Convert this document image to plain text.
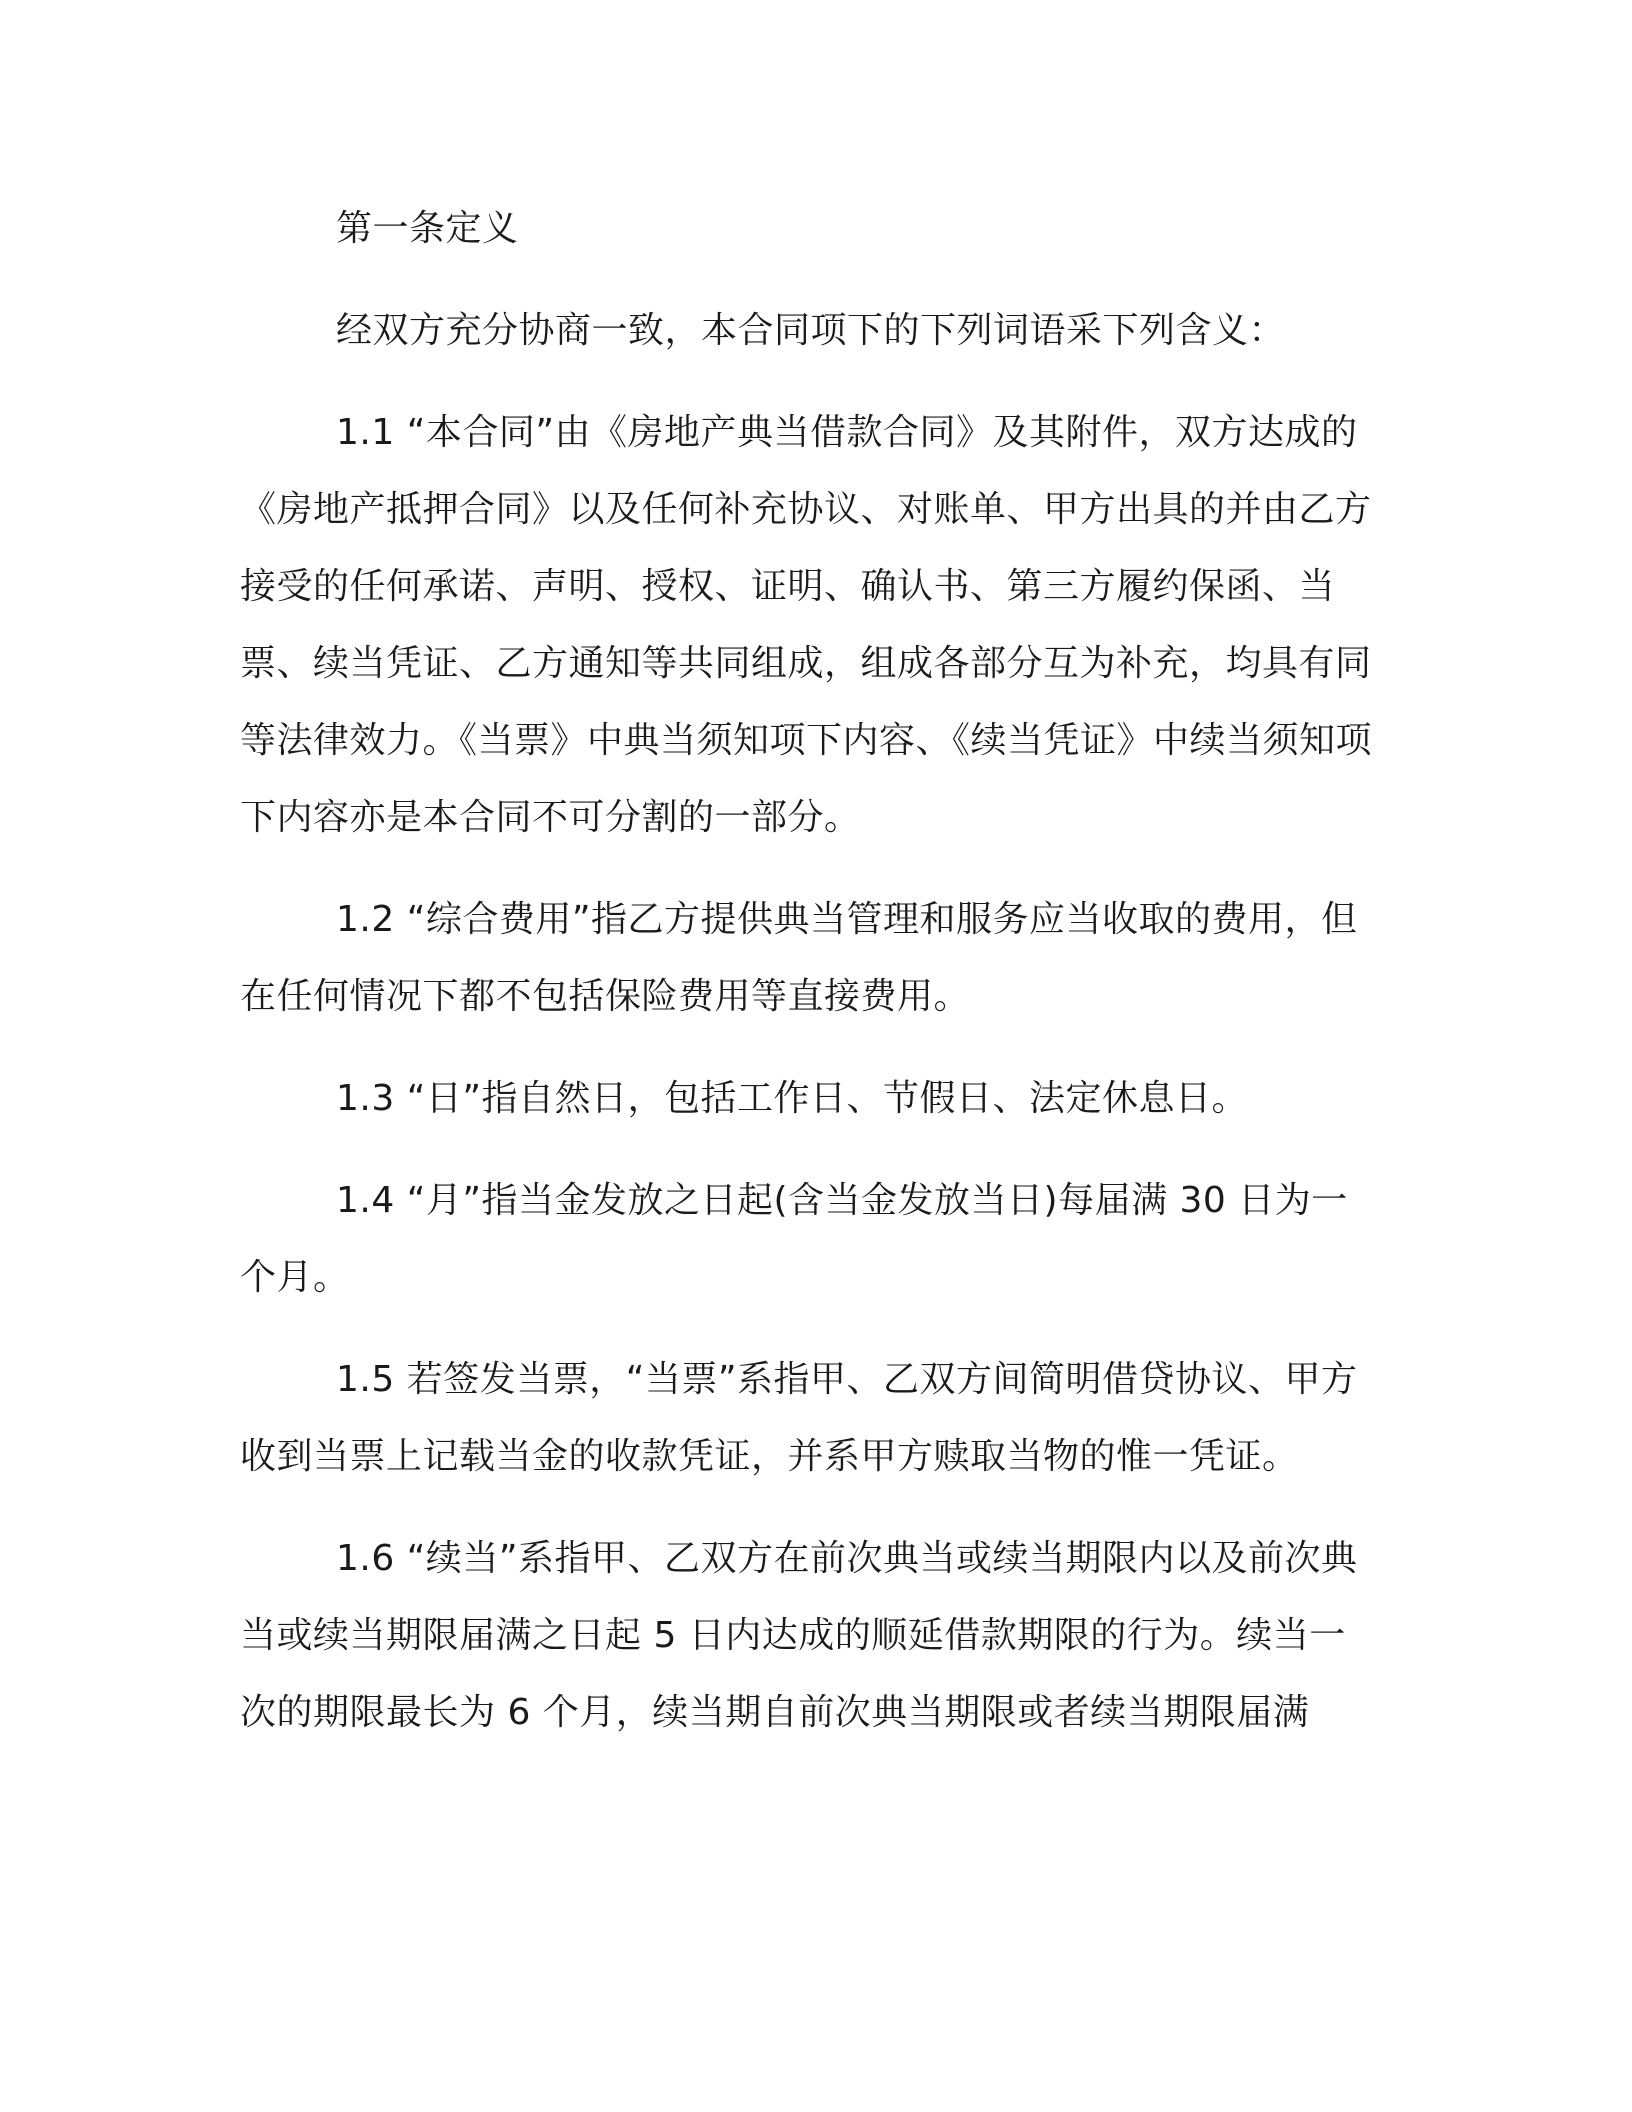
第一条定义

经双方充分协商一致，本合同项下的下列词语采下列含义：

1.1 “本合同”由《房地产典当借款合同》及其附件，双方达成的《房地产抵押合同》以及任何补充协议、对账单、甲方出具的并由乙方接受的任何承诺、声明、授权、证明、确认书、第三方履约保函、当票、续当凭证、乙方通知等共同组成，组成各部分互为补充，均具有同等法律效力。《当票》中典当须知项下内容、《续当凭证》中续当须知项下内容亦是本合同不可分割的一部分。

1.2 “综合费用”指乙方提供典当管理和服务应当收取的费用，但在任何情况下都不包括保险费用等直接费用。

1.3 “日”指自然日，包括工作日、节假日、法定休息日。

1.4 “月”指当金发放之日起(含当金发放当日)每届满 30 日为一个月。

1.5 若签发当票，“当票”系指甲、乙双方间简明借贷协议、甲方收到当票上记载当金的收款凭证，并系甲方赎取当物的惟一凭证。

1.6 “续当”系指甲、乙双方在前次典当或续当期限内以及前次典当或续当期限届满之日起 5 日内达成的顺延借款期限的行为。续当一次的期限最长为 6 个月，续当期自前次典当期限或者续当期限届满
